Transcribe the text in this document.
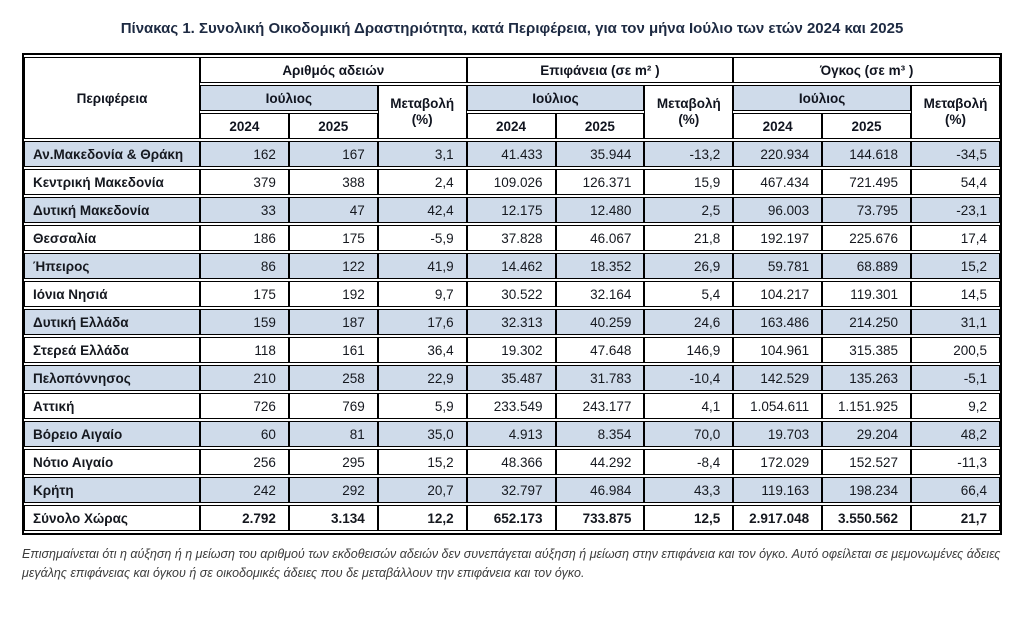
Πίνακας 1. Συνολική Οικοδομική Δραστηριότητα, κατά Περιφέρεια, για τον μήνα Ιούλιο των ετών 2024 και 2025
Περιφέρεια	Αριθμός αδειών			Επιφάνεια (σε m² )			Όγκος (σε m³ )		
	Ιούλιος		Μεταβολή (%)	Ιούλιος		Μεταβολή (%)	Ιούλιος		Μεταβολή (%)
	2024	2025		2024	2025		2024	2025	
Αν.Μακεδονία & Θράκη	162	167	3,1	41.433	35.944	-13,2	220.934	144.618	-34,5
Κεντρική Μακεδονία	379	388	2,4	109.026	126.371	15,9	467.434	721.495	54,4
Δυτική Μακεδονία	33	47	42,4	12.175	12.480	2,5	96.003	73.795	-23,1
Θεσσαλία	186	175	-5,9	37.828	46.067	21,8	192.197	225.676	17,4
Ήπειρος	86	122	41,9	14.462	18.352	26,9	59.781	68.889	15,2
Ιόνια Νησιά	175	192	9,7	30.522	32.164	5,4	104.217	119.301	14,5
Δυτική Ελλάδα	159	187	17,6	32.313	40.259	24,6	163.486	214.250	31,1
Στερεά Ελλάδα	118	161	36,4	19.302	47.648	146,9	104.961	315.385	200,5
Πελοπόννησος	210	258	22,9	35.487	31.783	-10,4	142.529	135.263	-5,1
Αττική	726	769	5,9	233.549	243.177	4,1	1.054.611	1.151.925	9,2
Βόρειο Αιγαίο	60	81	35,0	4.913	8.354	70,0	19.703	29.204	48,2
Νότιο Αιγαίο	256	295	15,2	48.366	44.292	-8,4	172.029	152.527	-11,3
Κρήτη	242	292	20,7	32.797	46.984	43,3	119.163	198.234	66,4
Σύνολο Χώρας	2.792	3.134	12,2	652.173	733.875	12,5	2.917.048	3.550.562	21,7
Επισημαίνεται ότι η αύξηση ή η μείωση του αριθμού των εκδοθεισών αδειών δεν συνεπάγεται αύξηση ή μείωση στην επιφάνεια και τον όγκο. Αυτό οφείλεται σε μεμονωμένες άδειες μεγάλης επιφάνειας και όγκου ή σε οικοδομικές άδειες που δε μεταβάλλουν την επιφάνεια και τον όγκο.
